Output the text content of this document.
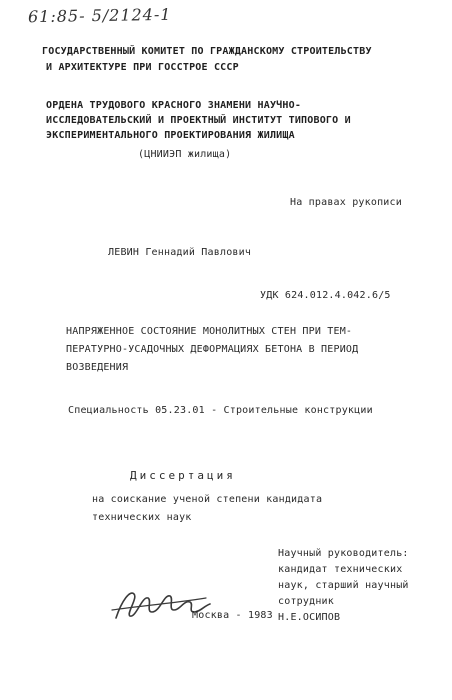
61:85- 5/2124-1
ГОСУДАРСТВЕННЫЙ КОМИТЕТ ПО ГРАЖДАНСКОМУ СТРОИТЕЛЬСТВУ
И АРХИТЕКТУРЕ ПРИ ГОССТРОЕ СССР
ОРДЕНА ТРУДОВОГО КРАСНОГО ЗНАМЕНИ НАУЧНО-
ИССЛЕДОВАТЕЛЬСКИЙ И ПРОЕКТНЫЙ ИНСТИТУТ ТИПОВОГО И
ЭКСПЕРИМЕНТАЛЬНОГО ПРОЕКТИРОВАНИЯ ЖИЛИЩА
(ЦНИИЭП жилища)
На правах рукописи
ЛЕВИН Геннадий Павлович
УДК 624.012.4.042.6/5
НАПРЯЖЕННОЕ СОСТОЯНИЕ МОНОЛИТНЫХ СТЕН ПРИ ТЕМ-
ПЕРАТУРНО-УСАДОЧНЫХ ДЕФОРМАЦИЯХ БЕТОНА В ПЕРИОД
ВОЗВЕДЕНИЯ
Специальность 05.23.01 - Строительные конструкции
Диссертация
на соискание ученой степени кандидата
технических наук
Научный руководитель:
кандидат технических
наук, старший научный
сотрудник
Н.Е.ОСИПОВ
Москва - 1983
